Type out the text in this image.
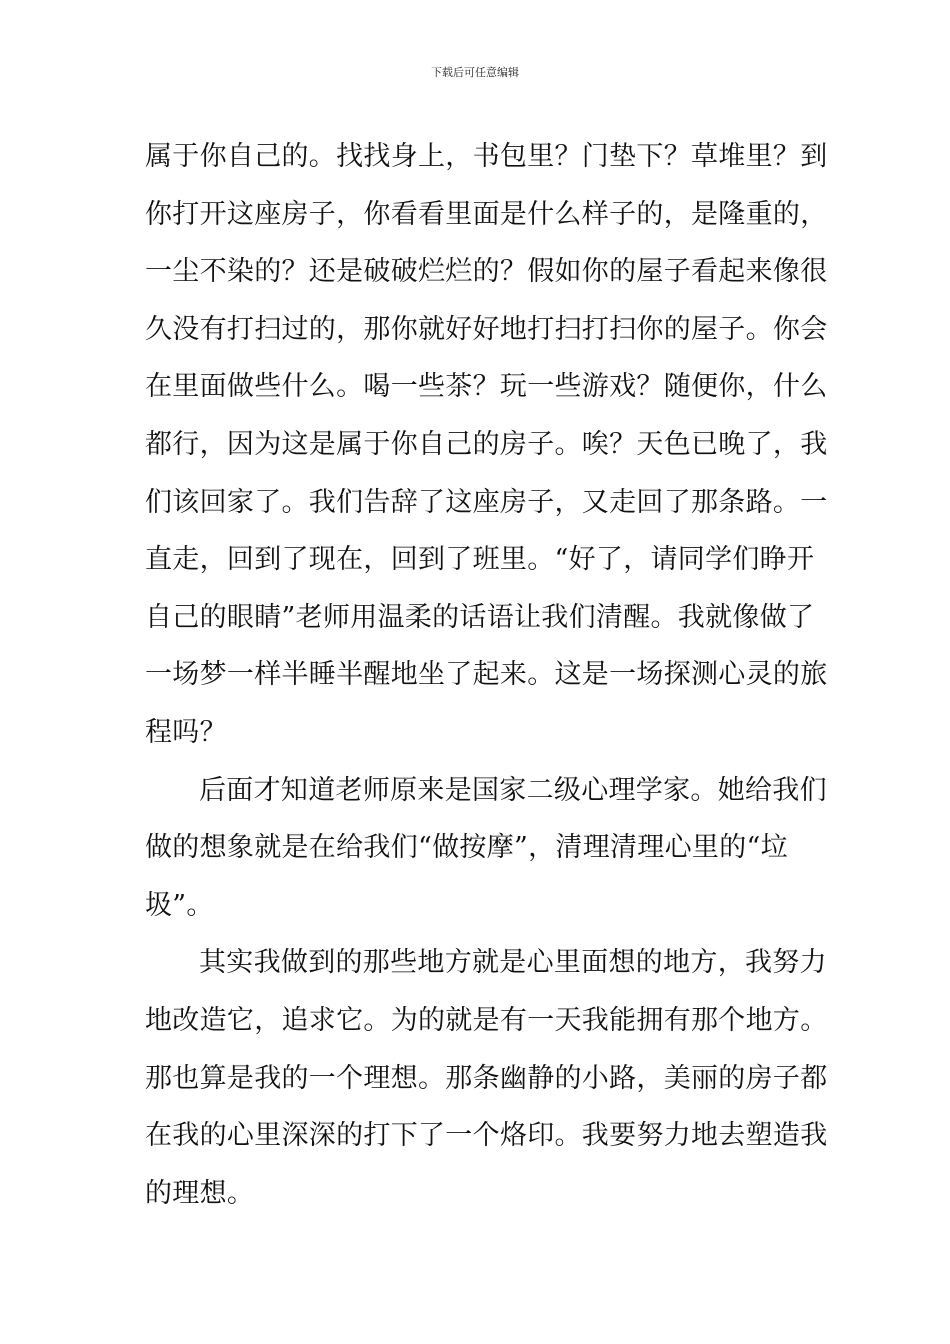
下载后可任意编辑
属于你自己的。找找身上，书包里？门垫下？草堆里？到
你打开这座房子，你看看里面是什么样子的，是隆重的，
一尘不染的？还是破破烂烂的？假如你的屋子看起来像很
久没有打扫过的，那你就好好地打扫打扫你的屋子。你会
在里面做些什么。喝一些茶？玩一些游戏？随便你，什么
都行，因为这是属于你自己的房子。唉？天色已晚了，我
们该回家了。我们告辞了这座房子，又走回了那条路。一
直走，回到了现在，回到了班里。“好了，请同学们睁开
自己的眼睛”老师用温柔的话语让我们清醒。我就像做了
一场梦一样半睡半醒地坐了起来。这是一场探测心灵的旅
程吗？
后面才知道老师原来是国家二级心理学家。她给我们
做的想象就是在给我们“做按摩”，清理清理心里的“垃
圾”。
其实我做到的那些地方就是心里面想的地方，我努力
地改造它，追求它。为的就是有一天我能拥有那个地方。
那也算是我的一个理想。那条幽静的小路，美丽的房子都
在我的心里深深的打下了一个烙印。我要努力地去塑造我
的理想。
